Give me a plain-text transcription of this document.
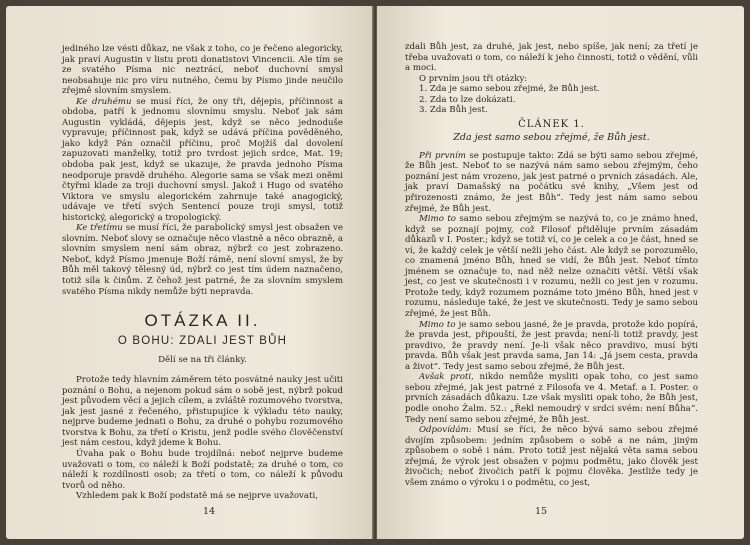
jediného lze vésti důkaz, ne však z toho, co je řečeno alegoricky, jak praví Augustin v listu proti donatistovi Vincencii. Ale tím se ze svatého Písma nic neztrácí, neboť duchovní smysl neobsahuje nic pro víru nutného, čemu by Písmo jinde neučilo zřejmě slovním smyslem.

Ke druhému se musí říci, že ony tři, dějepis, příčinnost a obdoba, patří k jednomu slovnímu smyslu. Neboť jak sám Augustin vykládá, dějepis jest, když se něco jednoduše vypravuje; příčinnost pak, když se udává příčina pověděného, jako když Pán označil příčinu, proč Mojžíš dal dovolení zapuzovati manželky, totiž pro tvrdost jejich srdce, Mat. 19; obdoba pak jest, když se ukazuje, že pravda jednoho Písma neodporuje pravdě druhého. Alegorie sama se však mezi oněmi čtyřmi klade za troji duchovní smysl. Jakož i Hugo od svatého Viktora ve smyslu alegorickém zahrnuje také anagogický, udávaje ve třetí svých Sentencí pouze troji smysl, totiž historický, alegorický a tropologický.

Ke třetímu se musí říci, že parabolický smysl jest obsažen ve slovním. Neboť slovy se označuje něco vlastně a něco obrazně, a slovním smyslem není sám obraz, nýbrž co jest zobrazeno. Neboť, když Písmo jmenuje Boží rámě, není slovní smysl, že by Bůh měl takový tělesný úd, nýbrž co jest tím údem naznačeno, totiž síla k činům. Z čehož jest patrné, že za slovním smyslem svatého Písma nikdy nemůže býti nepravda.

OTÁZKA II.
O BOHU: ZDALI JEST BŮH
Dělí se na tři články.

Protože tedy hlavním záměrem této posvátné nauky jest učiti poznání o Bohu, a nejenom pokud sám o sobě jest, nýbrž pokud jest původem věcí a jejich cílem, a zvláště rozumového tvorstva, jak jest jasné z řečeného, přistupujíce k výkladu této nauky, nejprve budeme jednati o Bohu, za druhé o pohybu rozumového tvorstva k Bohu, za třetí o Kristu, jenž podle svého člověčenství jest nám cestou, když jdeme k Bohu.

Úvaha pak o Bohu bude trojdílná: neboť nejprve budeme uvažovati o tom, co náleží k Boží podstatě; za druhé o tom, co náleží k rozdílnosti osob; za třetí o tom, co náleží k původu tvorů od něho.

Vzhledem pak k Boží podstatě má se nejprve uvažovati,

14

zdali Bůh jest, za druhé, jak jest, nebo spíše, jak není; za třetí je třeba uvažovati o tom, co náleží k jeho činnosti, totiž o vědění, vůli a moci.

O prvním jsou tři otázky:

1. Zda je samo sebou zřejmé, že Bůh jest.
2. Zda to lze dokázati.
3. Zda Bůh jest.
ČLÁNEK 1.
Zda jest samo sebou zřejmé, že Bůh jest.

Při prvním se postupuje takto: Zdá se býti samo sebou zřejmé, že Bůh jest. Neboť to se nazývá nám samo sebou zřejmým, čeho poznání jest nám vrozeno, jak jest patrné o prvních zásadách. Ale, jak praví Damašský na počátku své knihy, „Všem jest od přirozenosti známo, že jest Bůh“. Tedy jest nám samo sebou zřejmé, že Bůh jest.

Mimo to samo sebou zřejmým se nazývá to, co je známo hned, když se poznají pojmy, což Filosof přiděluje prvním zásadám důkazů v I. Poster.; když se totiž ví, co je celek a co je část, hned se ví, že každý celek je větší nežli jeho část. Ale když se porozumělo, co znamená jméno Bůh, hned se vidí, že Bůh jest. Neboť tímto jménem se označuje to, nad něž nelze označiti větší. Větší však jest, co jest ve skutečnosti i v rozumu, nežli co jest jen v rozumu. Protože tedy, když rozumem poznáme toto jméno Bůh, hned jest v rozumu, následuje také, že jest ve skutečnosti. Tedy je samo sebou zřejmé, že jest Bůh.

Mimo to je samo sebou jasné, že je pravda, protože kdo popírá, že pravda jest, připouští, že jest pravda; není-li totiž pravdy, jest pravdivo, že pravdy není. Je-li však něco pravdivo, musí býti pravda. Bůh však jest pravda sama, Jan 14: „Já jsem cesta, pravda a život“. Tedy jest samo sebou zřejmé, že Bůh jest.

Avšak proti, nikdo nemůže mysliti opak toho, co jest samo sebou zřejmé, jak jest patrné z Filosofa ve 4. Metaf. a I. Poster. o prvních zásadách důkazu. Lze však mysliti opak toho, že Bůh jest, podle onoho Žalm. 52.: „Řekl nemoudrý v srdci svém: není Bůha“. Tedy není samo sebou zřejmé, že Bůh jest.

Odpovídám: Musí se říci, že něco bývá samo sebou zřejmé dvojím způsobem: jedním způsobem o sobě a ne nám, jiným způsobem o sobě i nám. Proto totiž jest nějaká věta sama sebou zřejmá, že výrok jest obsažen v pojmu podmětu, jako člověk jest živočich; neboť živočich patří k pojmu člověka. Jestliže tedy je všem známo o výroku i o podmětu, co jest,

15
